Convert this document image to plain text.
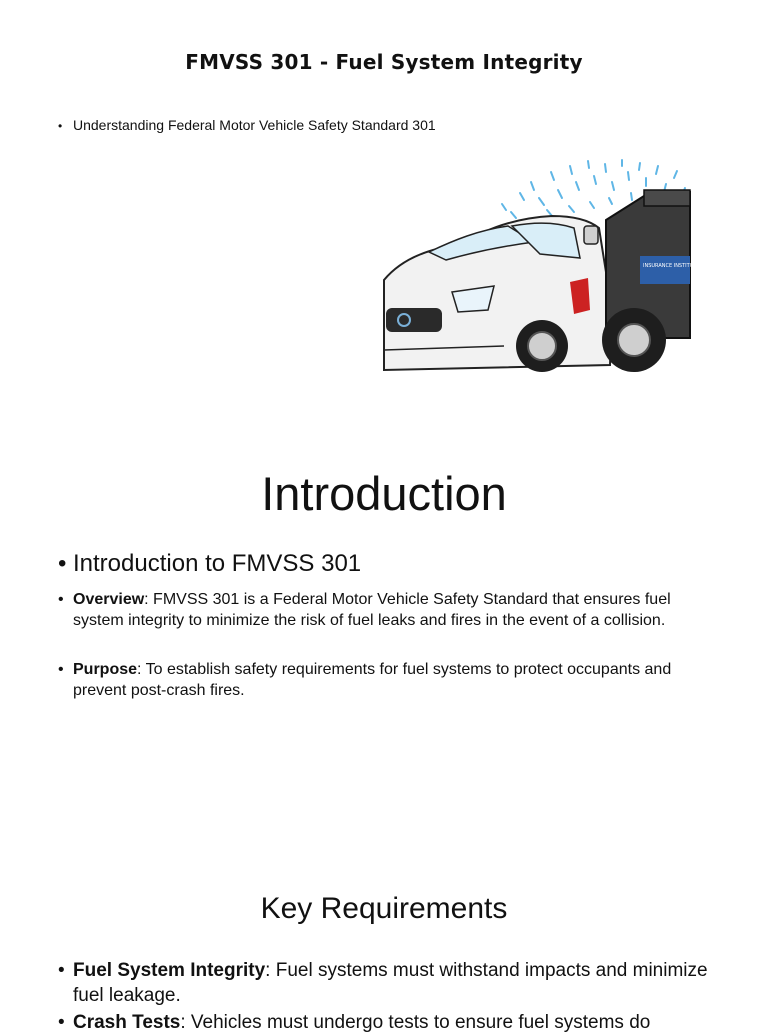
FMVSS 301 - Fuel System Integrity
• Understanding Federal Motor Vehicle Safety Standard 301
INSURANCE INSTITUTE FOR HIGHWAY SAFETY
Introduction
• Introduction to FMVSS 301
• Overview: FMVSS 301 is a Federal Motor Vehicle Safety Standard that ensures fuel system integrity to minimize the risk of fuel leaks and fires in the event of a collision.
• Purpose: To establish safety requirements for fuel systems to protect occupants and prevent post-crash fires.
Key Requirements
• Fuel System Integrity: Fuel systems must withstand impacts and minimize fuel leakage.
• Crash Tests: Vehicles must undergo tests to ensure fuel systems do
